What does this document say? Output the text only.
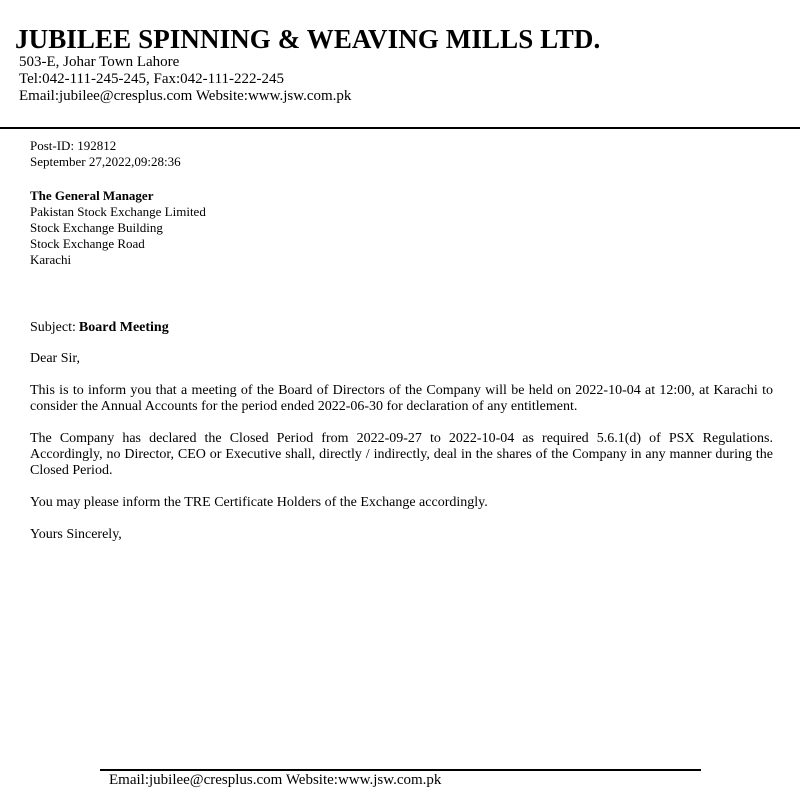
JUBILEE SPINNING & WEAVING MILLS LTD.
503-E, Johar Town Lahore
Tel:042-111-245-245, Fax:042-111-222-245
Email:jubilee@cresplus.com Website:www.jsw.com.pk
Post-ID: 192812
September 27,2022,09:28:36
The General Manager
Pakistan Stock Exchange Limited
Stock Exchange Building
Stock Exchange Road
Karachi
Subject: Board Meeting
Dear Sir,
This is to inform you that a meeting of the Board of Directors of the Company will be held on 2022-10-04 at 12:00, at Karachi to consider the Annual Accounts for the period ended 2022-06-30 for declaration of any entitlement.
The Company has declared the Closed Period from 2022-09-27 to 2022-10-04 as required 5.6.1(d) of PSX Regulations. Accordingly, no Director, CEO or Executive shall, directly / indirectly, deal in the shares of the Company in any manner during the Closed Period.
You may please inform the TRE Certificate Holders of the Exchange accordingly.
Yours Sincerely,
Email:jubilee@cresplus.com Website:www.jsw.com.pk
